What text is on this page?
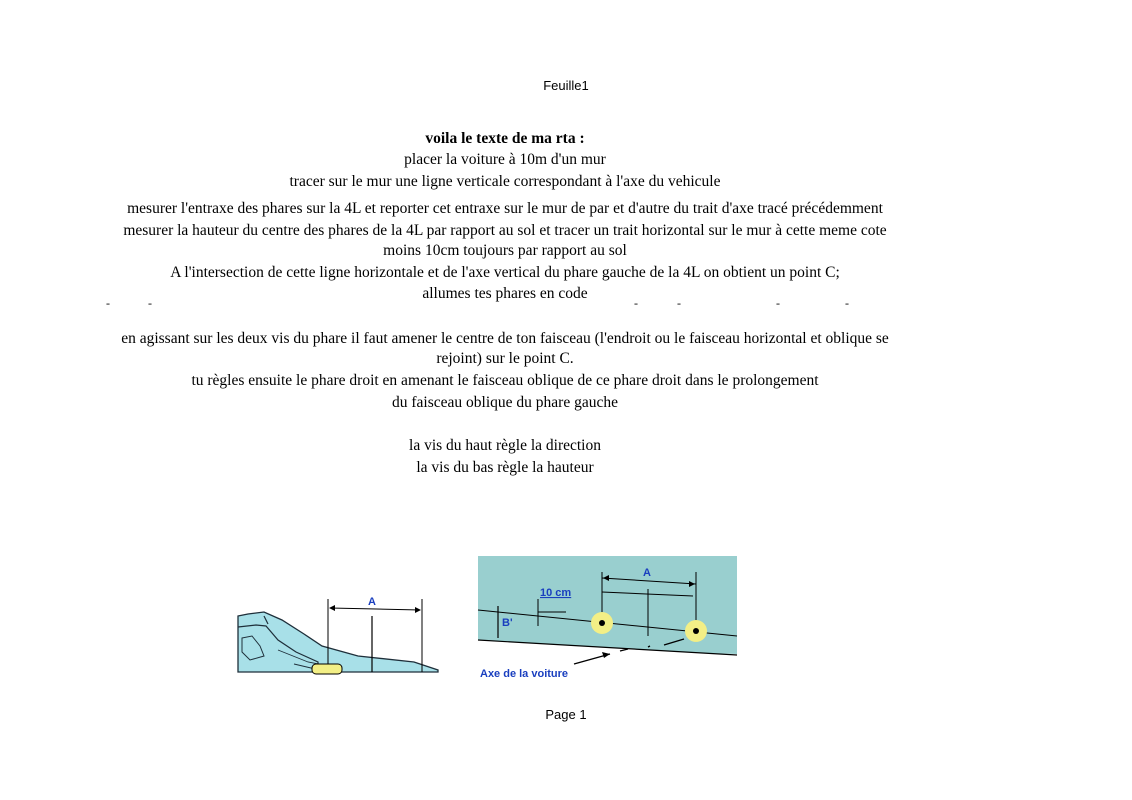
Feuille1
voila le texte de ma rta :
placer la voiture à 10m d'un mur
tracer sur le mur une ligne verticale correspondant à l'axe du vehicule
mesurer l'entraxe des phares sur la 4L et reporter cet entraxe sur le mur de par et d'autre du trait d'axe tracé précédemment
mesurer la hauteur du centre des phares de la 4L par rapport au sol et tracer un trait horizontal sur le mur à cette meme cote
moins 10cm toujours par rapport au sol
A l'intersection de cette ligne horizontale et de l'axe vertical du phare gauche de la 4L on obtient un point C;
allumes tes phares en code
-	-	-	-	-	-
en agissant sur les deux vis du phare il faut amener le centre de ton faisceau (l'endroit ou le faisceau horizontal et oblique se
rejoint) sur le point C.
tu règles ensuite le phare droit en amenant le faisceau oblique de ce phare droit dans le prolongement
du faisceau oblique du phare gauche
la vis du haut règle la direction
la vis du bas règle la hauteur
A
A
10 cm
B'
Axe de la voiture
Page 1
